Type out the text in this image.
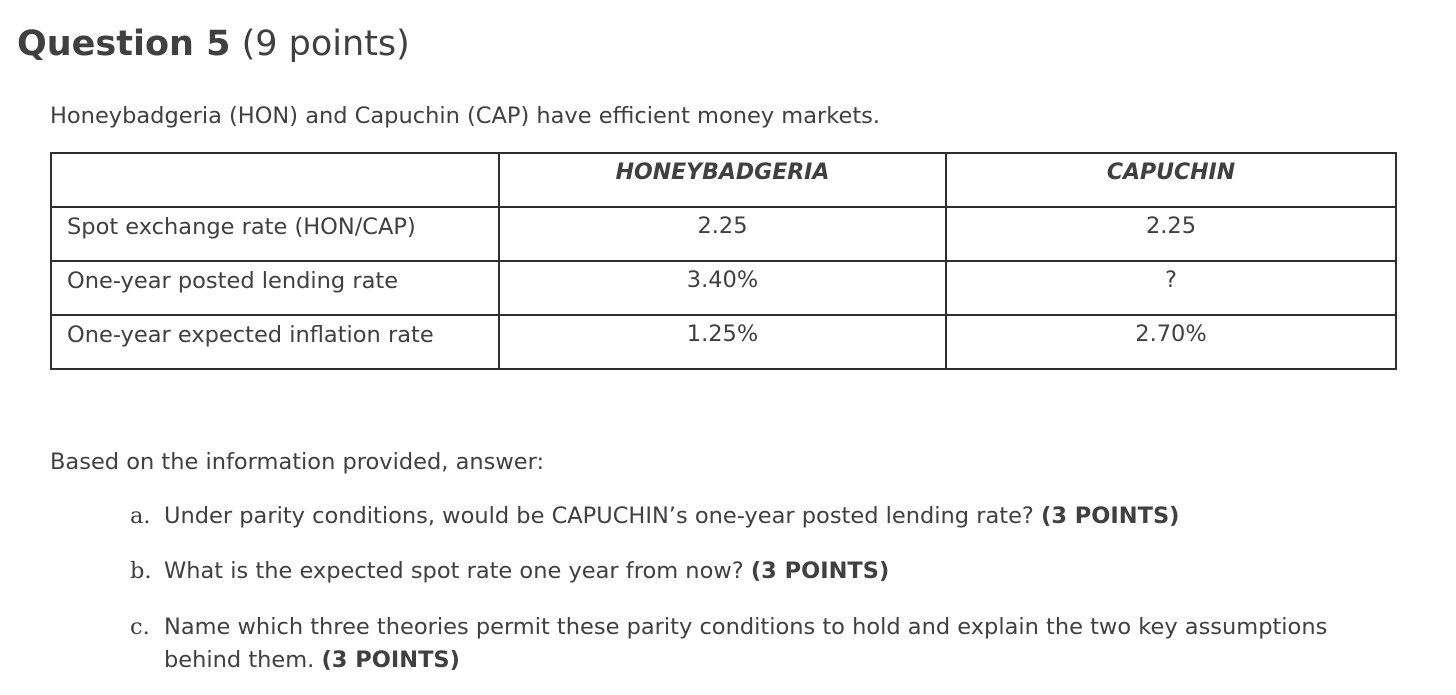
Question 5 (9 points)
Honeybadgeria (HON) and Capuchin (CAP) have efficient money markets.
	HONEYBADGERIA	CAPUCHIN
Spot exchange rate (HON/CAP)	2.25	2.25
One-year posted lending rate	3.40%	?
One-year expected inflation rate	1.25%	2.70%
Based on the information provided, answer:
a. Under parity conditions, would be CAPUCHIN’s one-year posted lending rate? (3 POINTS)
b. What is the expected spot rate one year from now? (3 POINTS)
c. Name which three theories permit these parity conditions to hold and explain the two key assumptions
behind them. (3 POINTS)
